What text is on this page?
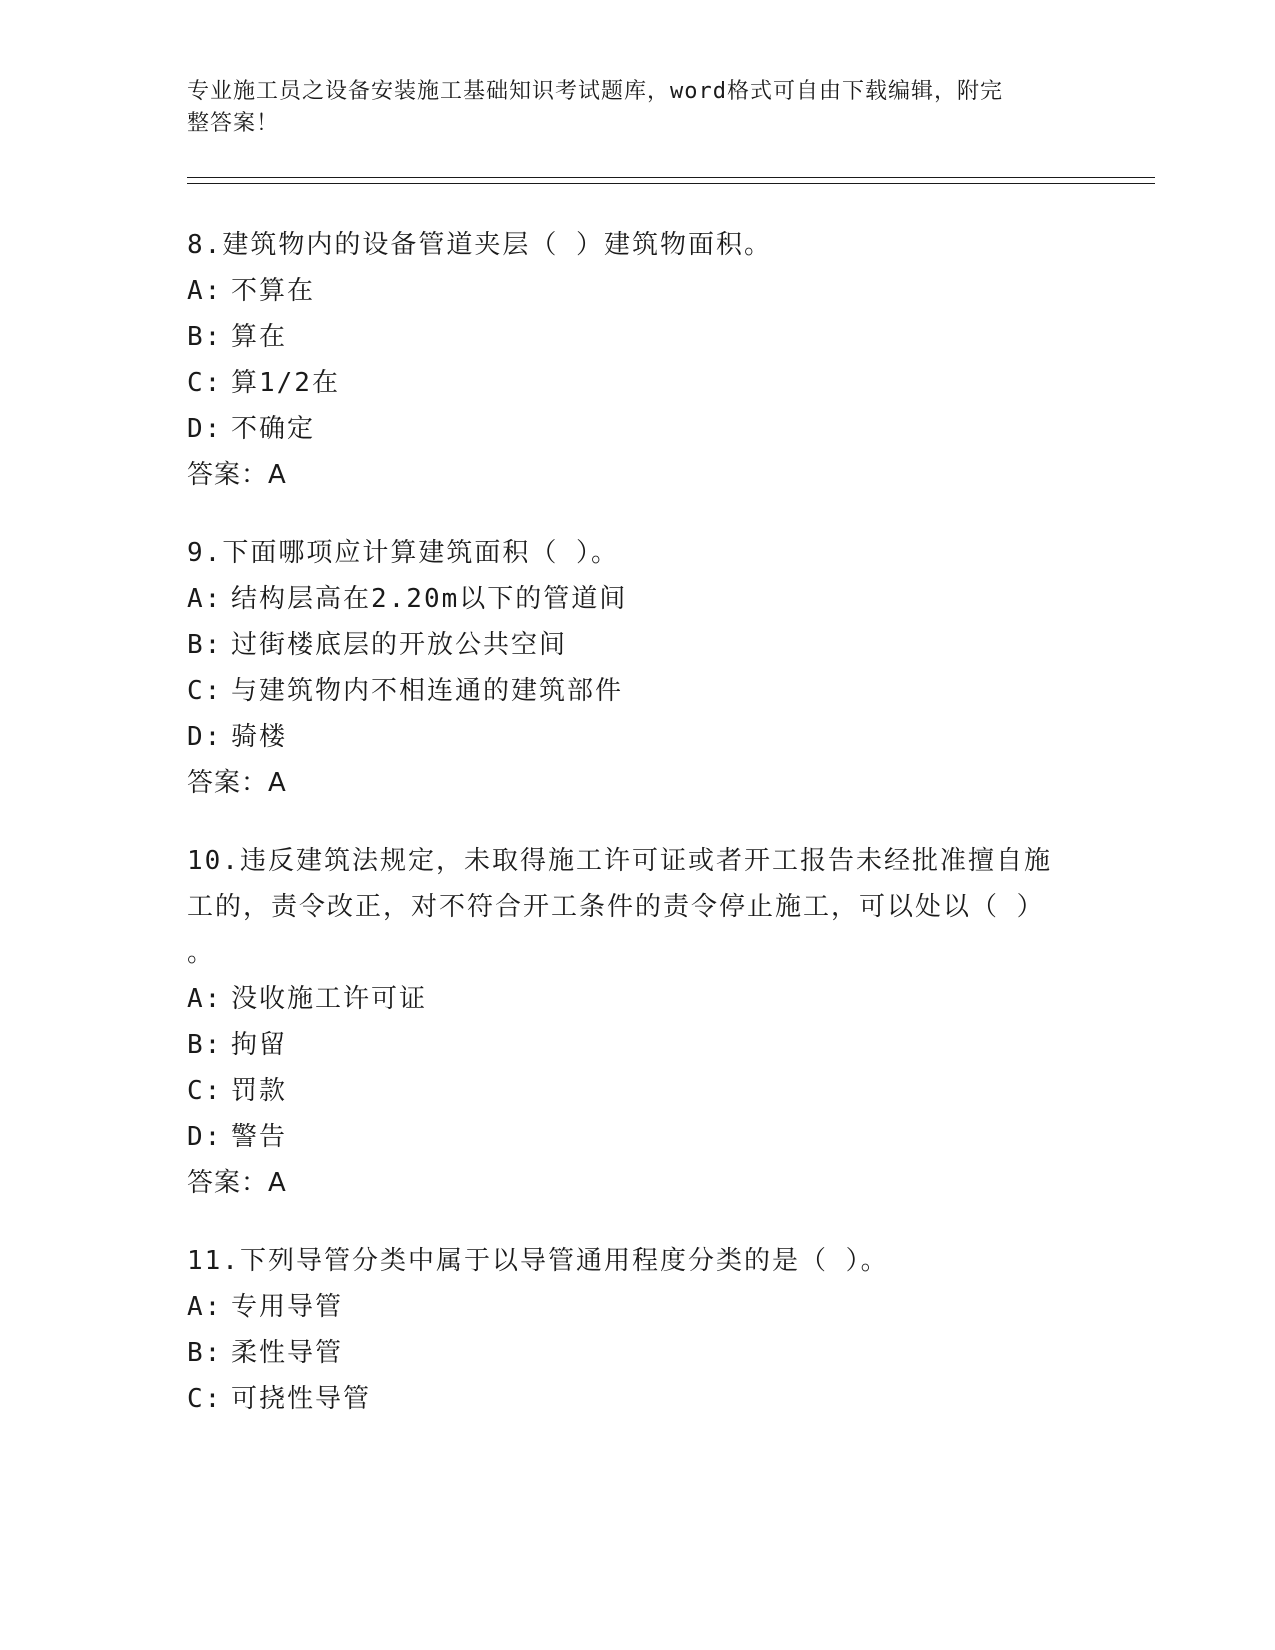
专业施工员之设备安装施工基础知识考试题库，word格式可自由下载编辑，附完
整答案！

8.建筑物内的设备管道夹层（ ）建筑物面积。

A: 不算在

B: 算在

C: 算1/2在

D: 不确定

答案：A

9.下面哪项应计算建筑面积（ ）。

A: 结构层高在2.20m以下的管道间

B: 过街楼底层的开放公共空间

C: 与建筑物内不相连通的建筑部件

D: 骑楼

答案：A

10.违反建筑法规定，未取得施工许可证或者开工报告未经批准擅自施

工的，责令改正，对不符合开工条件的责令停止施工，可以处以（ ）

。

A: 没收施工许可证

B: 拘留

C: 罚款

D: 警告

答案：A

11.下列导管分类中属于以导管通用程度分类的是（ ）。

A: 专用导管

B: 柔性导管

C: 可挠性导管
